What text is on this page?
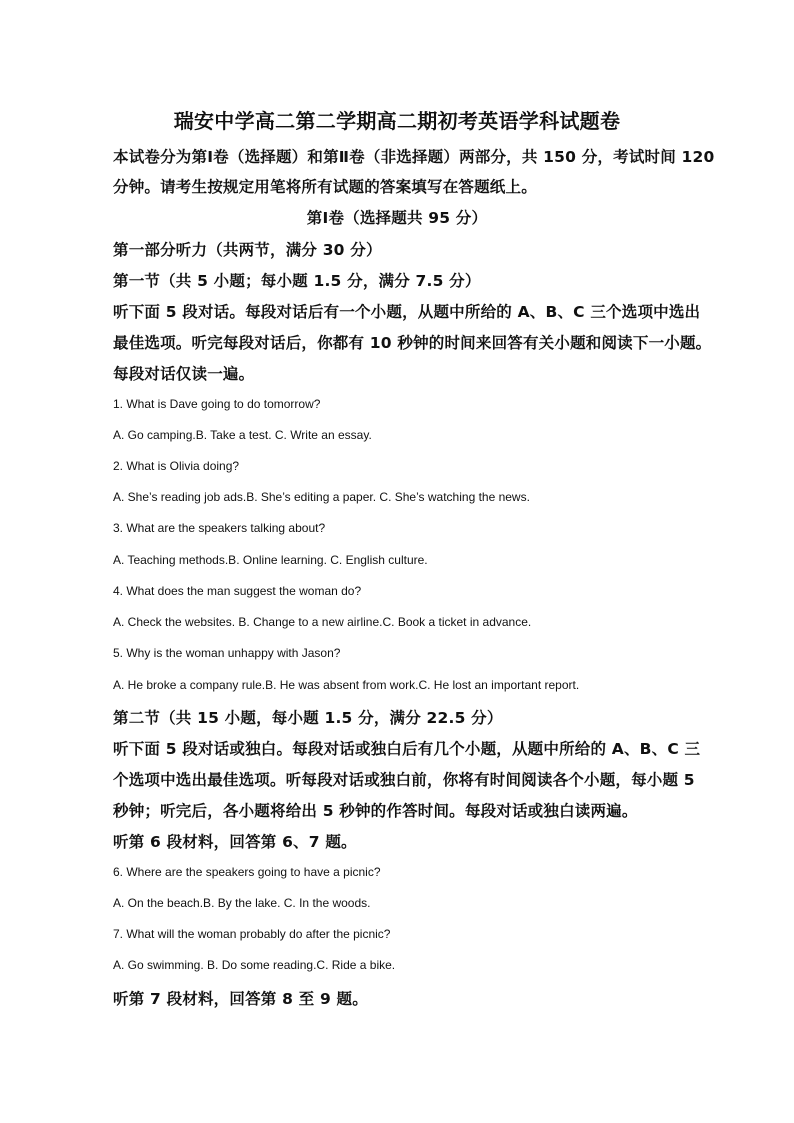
瑞安中学高二第二学期高二期初考英语学科试题卷
本试卷分为第Ⅰ卷（选择题）和第Ⅱ卷（非选择题）两部分，共 150 分，考试时间 120
分钟。请考生按规定用笔将所有试题的答案填写在答题纸上。
第Ⅰ卷（选择题共 95 分）
第一部分听力（共两节，满分 30 分）
第一节（共 5 小题；每小题 1.5 分，满分 7.5 分）
听下面 5 段对话。每段对话后有一个小题，从题中所给的 A、B、C 三个选项中选出
最佳选项。听完每段对话后，你都有 10 秒钟的时间来回答有关小题和阅读下一小题。
每段对话仅读一遍。
1. What is Dave going to do tomorrow?
A. Go camping.B. Take a test. C. Write an essay.
2. What is Olivia doing?
A. She’s reading job ads.B. She’s editing a paper. C. She’s watching the news.
3. What are the speakers talking about?
A. Teaching methods.B. Online learning. C. English culture.
4. What does the man suggest the woman do?
A. Check the websites. B. Change to a new airline.C. Book a ticket in advance.
5. Why is the woman unhappy with Jason?
A. He broke a company rule.B. He was absent from work.C. He lost an important report.
第二节（共 15 小题，每小题 1.5 分，满分 22.5 分）
听下面 5 段对话或独白。每段对话或独白后有几个小题，从题中所给的 A、B、C 三
个选项中选出最佳选项。听每段对话或独白前，你将有时间阅读各个小题，每小题 5
秒钟；听完后，各小题将给出 5 秒钟的作答时间。每段对话或独白读两遍。
听第 6 段材料，回答第 6、7 题。
6. Where are the speakers going to have a picnic?
A. On the beach.B. By the lake. C. In the woods.
7. What will the woman probably do after the picnic?
A. Go swimming. B. Do some reading.C. Ride a bike.
听第 7 段材料，回答第 8 至 9 题。
